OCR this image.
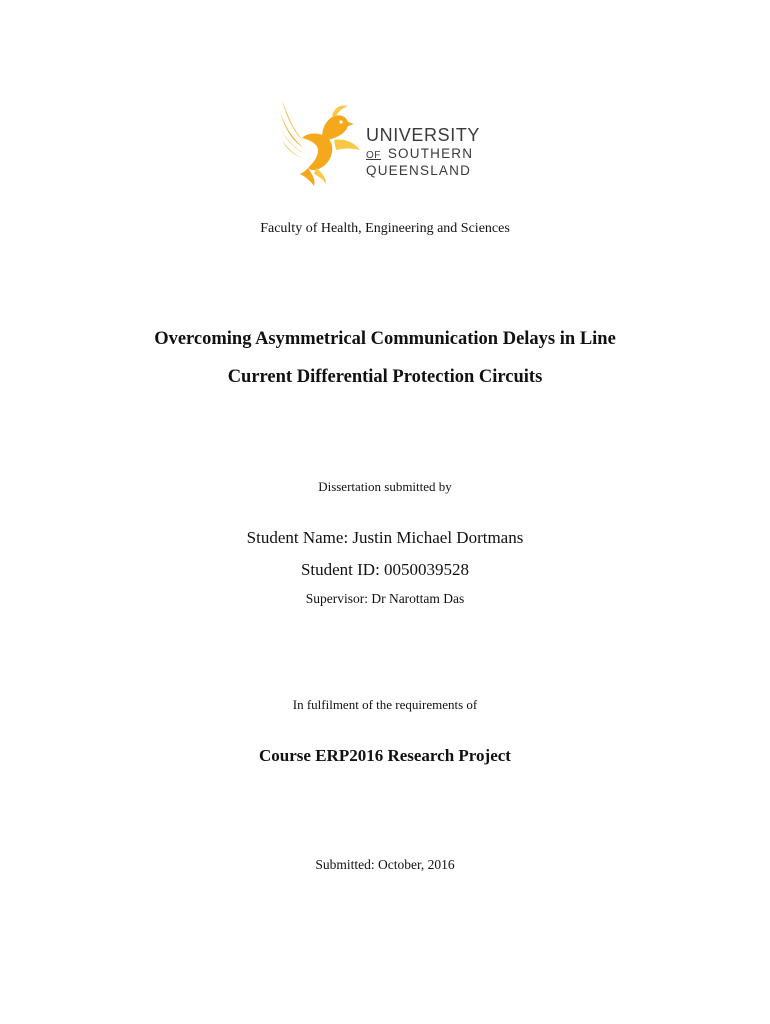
UNIVERSITY
OF SOUTHERN
QUEENSLAND
Faculty of Health, Engineering and Sciences
Overcoming Asymmetrical Communication Delays in Line
Current Differential Protection Circuits
Dissertation submitted by
Student Name: Justin Michael Dortmans
Student ID: 0050039528
Supervisor: Dr Narottam Das
In fulfilment of the requirements of
Course ERP2016 Research Project
Submitted: October, 2016
